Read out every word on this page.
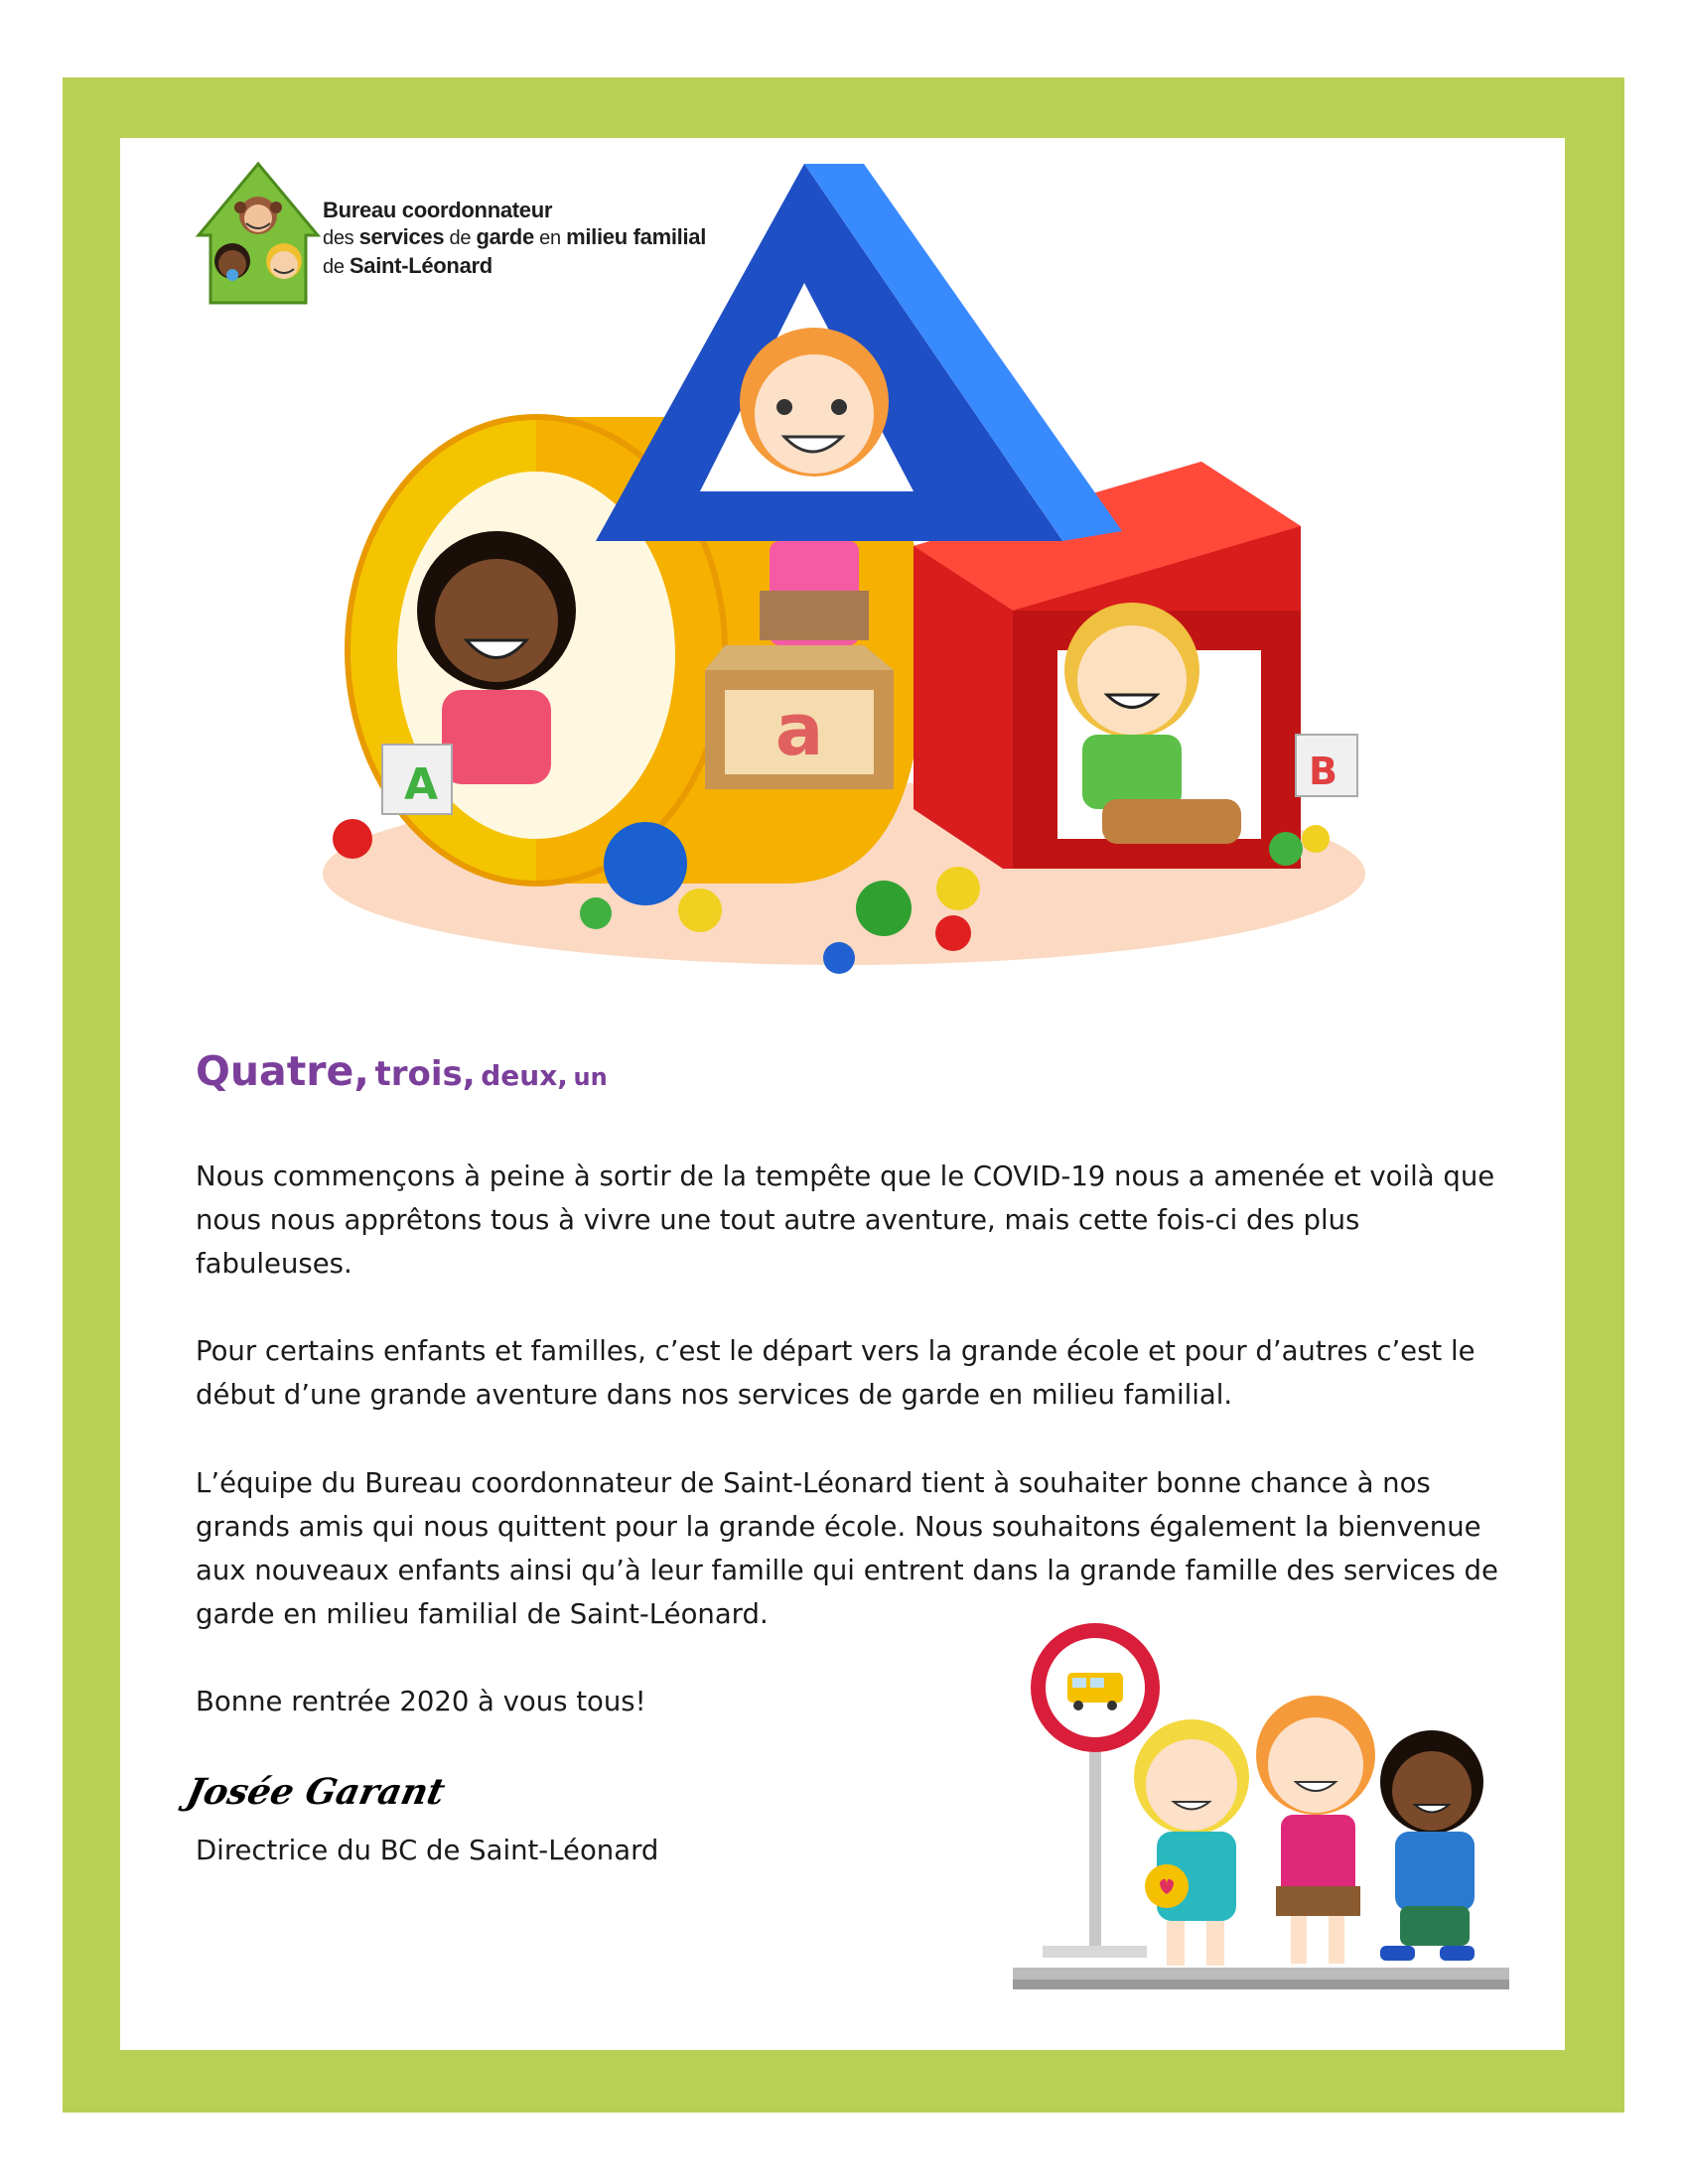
Bureau coordonnateur
des services de garde en milieu familial
de Saint-Léonard
a
A	B
Quatre, trois, deux, un
Nous commençons à peine à sortir de la tempête que le COVID-19 nous a amenée et voilà que
nous nous apprêtons tous à vivre une tout autre aventure, mais cette fois-ci des plus
fabuleuses.
Pour certains enfants et familles, c’est le départ vers la grande école et pour d’autres c’est le
début d’une grande aventure dans nos services de garde en milieu familial.
L’équipe du Bureau coordonnateur de Saint-Léonard tient à souhaiter bonne chance à nos
grands amis qui nous quittent pour la grande école. Nous souhaitons également la bienvenue
aux nouveaux enfants ainsi qu’à leur famille qui entrent dans la grande famille des services de
garde en milieu familial de Saint-Léonard.
Bonne rentrée 2020 à vous tous!
Josée Garant
Directrice du BC de Saint-Léonard
